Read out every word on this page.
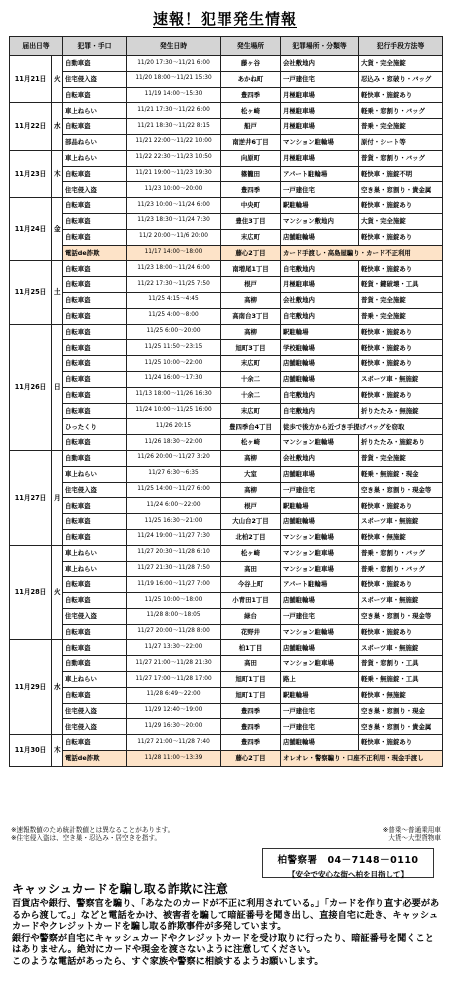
速報！犯罪発生情報
届出日等		犯罪・手口	発生日時	発生場所	犯罪場所・分類等	犯行手段方法等
11月21日	火	自動車盗	11/20 17:30～11/21 6:00	藤ヶ谷	会社敷地内	大貨・完全施錠
		住宅侵入盗	11/20 18:00～11/21 15:30	あかね町	一戸建住宅	忍込み・窓破り・バッグ
		自転車盗	11/19 14:00～15:30	豊四季	月極駐車場	軽快車・施錠あり
11月22日	水	車上ねらい	11/21 17:30～11/22 6:00	松ヶ崎	月極駐車場	軽乗・窓割り・バッグ
		自転車盗	11/21 18:30～11/22 8:15	船戸	月極駐車場	普乗・完全施錠
		部品ねらい	11/21 22:00～11/22 10:00	南逆井6丁目	マンション駐輪場	原付・シート等
11月23日	木	車上ねらい	11/22 22:30～11/23 10:50	向原町	月極駐車場	普貨・窓割り・バッグ
		自転車盗	11/21 19:00～11/23 19:30	篠籠田	アパート駐輪場	軽快車・施錠不明
		住宅侵入盗	11/23 10:00～20:00	豊四季	一戸建住宅	空き巣・窓割り・貴金属
11月24日	金	自転車盗	11/23 10:00～11/24 6:00	中央町	駅駐輪場	軽快車・施錠あり
		自転車盗	11/23 18:30～11/24 7:30	豊住3丁目	マンション敷地内	大貨・完全施錠
		自転車盗	11/2 20:00～11/6 20:00	末広町	店舗駐輪場	軽快車・施錠あり
		電話de詐欺	11/17 14:00～18:00	藤心2丁目	カード手渡し・高島屋騙り・カード不正利用	
11月25日	土	自転車盗	11/23 18:00～11/24 6:00	南増尾1丁目	自宅敷地内	軽快車・施錠あり
		自転車盗	11/22 17:30～11/25 7:50	根戸	月極駐車場	軽貨・鍵破壊・工具
		自転車盗	11/25 4:15～4:45	高柳	会社敷地内	普貨・完全施錠
		自転車盗	11/25 4:00～8:00	高南台3丁目	自宅敷地内	普乗・完全施錠
11月26日	日	自転車盗	11/25 6:00～20:00	高柳	駅駐輪場	軽快車・施錠あり
		自転車盗	11/25 11:50～23:15	旭町3丁目	学校駐輪場	軽快車・施錠あり
		自転車盗	11/25 10:00～22:00	末広町	店舗駐輪場	軽快車・施錠あり
		自転車盗	11/24 16:00～17:30	十余二	店舗駐輪場	スポーツ車・無施錠
		自転車盗	11/13 18:00～11/26 16:30	十余二	自宅敷地内	軽快車・施錠あり
		自転車盗	11/24 10:00～11/25 16:00	末広町	自宅敷地内	折りたたみ・無施錠
		ひったくり	11/26 20:15	豊四季台4丁目	徒歩で後方から近づき手提げバッグを窃取	
		自転車盗	11/26 18:30～22:00	松ヶ崎	マンション駐輪場	折りたたみ・施錠あり
11月27日	月	自動車盗	11/26 20:00～11/27 3:20	高柳	会社敷地内	普貨・完全施錠
		車上ねらい	11/27 6:30～6:35	大室	店舗駐車場	軽乗・無施錠・現金
		住宅侵入盗	11/25 14:00～11/27 6:00	高柳	一戸建住宅	空き巣・窓割り・現金等
		自転車盗	11/24 6:00～22:00	根戸	駅駐輪場	軽快車・施錠あり
		自転車盗	11/25 16:30～21:00	大山台2丁目	店舗駐輪場	スポーツ車・無施錠
		自転車盗	11/24 19:00～11/27 7:30	北柏2丁目	マンション駐輪場	軽快車・無施錠
11月28日	火	車上ねらい	11/27 20:30～11/28 6:10	松ヶ崎	マンション駐車場	普乗・窓割り・バッグ
		車上ねらい	11/27 21:30～11/28 7:50	高田	マンション駐車場	普乗・窓割り・バッグ
		自転車盗	11/19 16:00～11/27 7:00	今谷上町	アパート駐輪場	軽快車・施錠あり
		自転車盗	11/25 10:00～18:00	小青田1丁目	店舗駐輪場	スポーツ車・無施錠
		住宅侵入盗	11/28 8:00～18:05	緑台	一戸建住宅	空き巣・窓割り・現金等
		自転車盗	11/27 20:00～11/28 8:00	花野井	マンション駐輪場	軽快車・施錠あり
11月29日	水	自転車盗	11/27 13:30～22:00	柏1丁目	店舗駐輪場	スポーツ車・無施錠
		自動車盗	11/27 21:00～11/28 21:30	高田	マンション駐車場	普貨・窓割り・工具
		車上ねらい	11/27 17:00～11/28 17:00	旭町1丁目	路上	軽乗・無施錠・工具
		自転車盗	11/28 6:49～22:00	旭町1丁目	駅駐輪場	軽快車・無施錠
		住宅侵入盗	11/29 12:40～19:00	豊四季	一戸建住宅	空き巣・窓割り・現金
		住宅侵入盗	11/29 16:30～20:00	豊四季	一戸建住宅	空き巣・窓割り・貴金属
11月30日	木	自転車盗	11/27 21:00～11/28 7:40	豊四季	店舗駐輪場	軽快車・施錠あり
		電話de詐欺	11/28 11:00～13:39	藤心2丁目	オレオレ・警察騙り・口座不正利用・現金手渡し	
※速報数値のため統計数値とは異なることがあります。
※住宅侵入盗は、空き巣・忍込み・居空きを指す。
※普乗～普通乗用車
大貨～大型貨物車
柏警察署　04－7148－0110
【安全で安心な街へ柏を目指して】
キャッシュカードを騙し取る詐欺に注意

百貨店や銀行、警察官を騙り、「あなたのカードが不正に利用されている。」「カードを作り直す必要があるから渡して。」などと電話をかけ、被害者を騙して暗証番号を聞き出し、直接自宅に赴き、キャッシュカードやクレジットカードを騙し取る詐欺事件が多発しています。

銀行や警察が自宅にキャッシュカードやクレジットカードを受け取りに行ったり、暗証番号を聞くことはありません。絶対にカードや現金を渡さないように注意してください。

このような電話があったら、すぐ家族や警察に相談するようお願いします。
